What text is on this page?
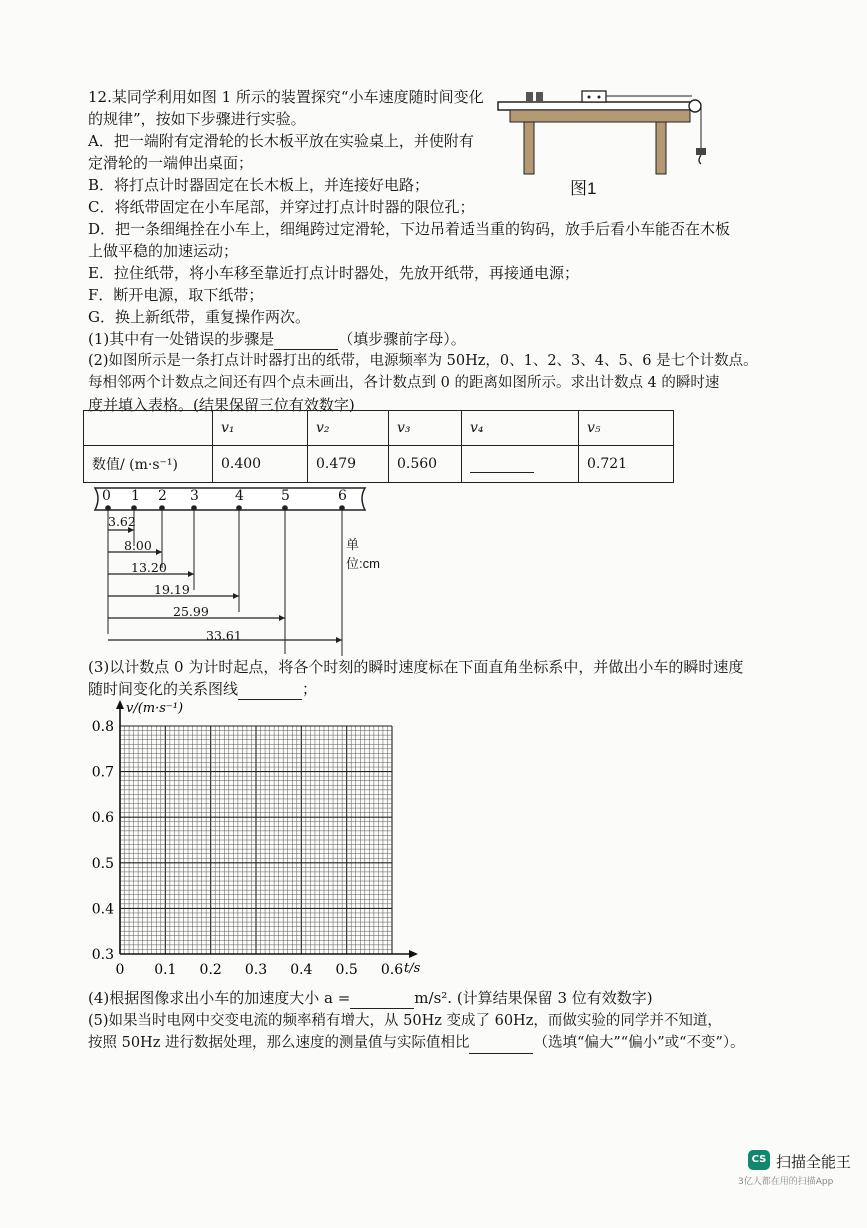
12.某同学利用如图 1 所示的装置探究“小车速度随时间变化
的规律”，按如下步骤进行实验。
图1
A．把一端附有定滑轮的长木板平放在实验桌上，并使附有
定滑轮的一端伸出桌面；
B．将打点计时器固定在长木板上，并连接好电路；
C．将纸带固定在小车尾部，并穿过打点计时器的限位孔；
D．把一条细绳拴在小车上，细绳跨过定滑轮，下边吊着适当重的钩码，放手后看小车能否在木板
上做平稳的加速运动；
E．拉住纸带，将小车移至靠近打点计时器处，先放开纸带，再接通电源；
F．断开电源，取下纸带；
G．换上新纸带，重复操作两次。
(1)其中有一处错误的步骤是	（填步骤前字母）。
(2)如图所示是一条打点计时器打出的纸带，电源频率为 50Hz，0、1、2、3、4、5、6 是七个计数点。
每相邻两个计数点之间还有四个点未画出，各计数点到 0 的距离如图所示。求出计数点 4 的瞬时速
度并填入表格。(结果保留三位有效数字)
	v₁	v₂	v₃	v₄	v₅
数值/ (m·s⁻¹)	0.400	0.479	0.560		0.721
0 1 2 3	4	5	6
3.62
8.00
13.20
19.19
25.99
33.61
单位:cm
(3)以计数点 0 为计时起点，将各个时刻的瞬时速度标在下面直角坐标系中，并做出小车的瞬时速度
随时间变化的关系图线	；
0.3
0.4
0.5
0.6
0.7
0.8
0 0.1 0.2 0.3 0.4 0.5 0.6
v/(m·s⁻¹)
t/s
(4)根据图像求出小车的加速度大小 a =	m/s². (计算结果保留 3 位有效数字)
(5)如果当时电网中交变电流的频率稍有增大，从 50Hz 变成了 60Hz，而做实验的同学并不知道，
按照 50Hz 进行数据处理，那么速度的测量值与实际值相比	（选填“偏大”“偏小”或“不变”）。
CS 扫描全能王
3亿人都在用的扫描App
